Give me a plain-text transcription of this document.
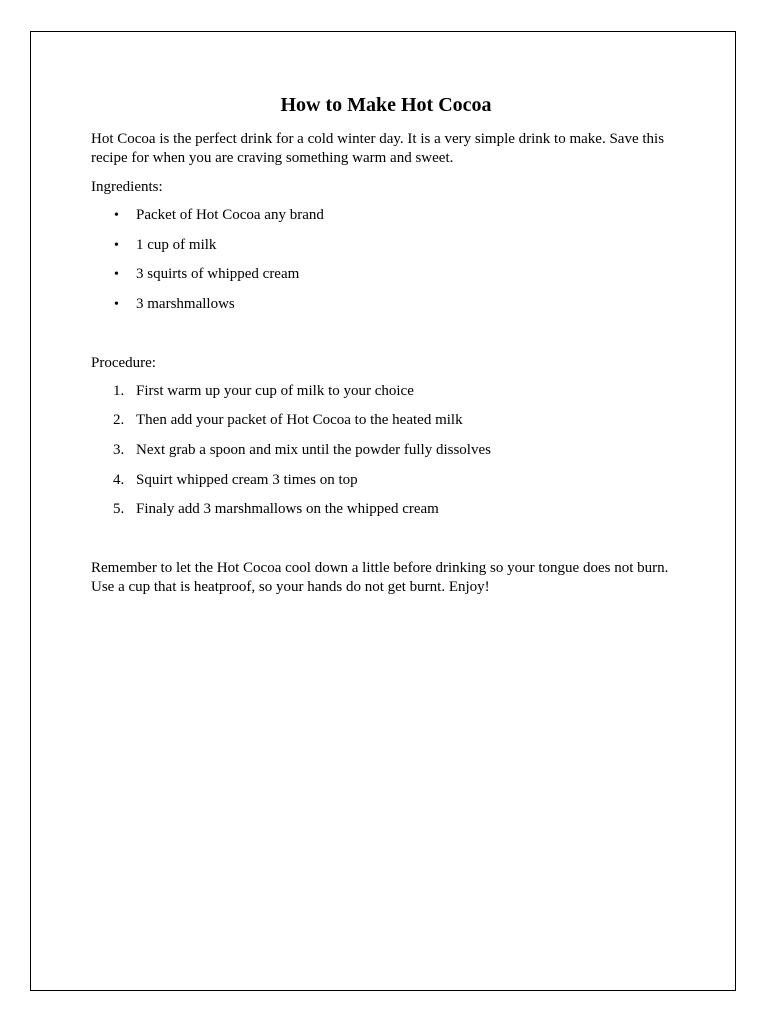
How to Make Hot Cocoa

Hot Cocoa is the perfect drink for a cold winter day. It is a very simple drink to make. Save this recipe for when you are craving something warm and sweet.

Ingredients:

• Packet of Hot Cocoa any brand
• 1 cup of milk
• 3 squirts of whipped cream
• 3 marshmallows

Procedure:

1. First warm up your cup of milk to your choice
2. Then add your packet of Hot Cocoa to the heated milk
3. Next grab a spoon and mix until the powder fully dissolves
4. Squirt whipped cream 3 times on top
5. Finaly add 3 marshmallows on the whipped cream

Remember to let the Hot Cocoa cool down a little before drinking so your tongue does not burn. Use a cup that is heatproof, so your hands do not get burnt. Enjoy!
